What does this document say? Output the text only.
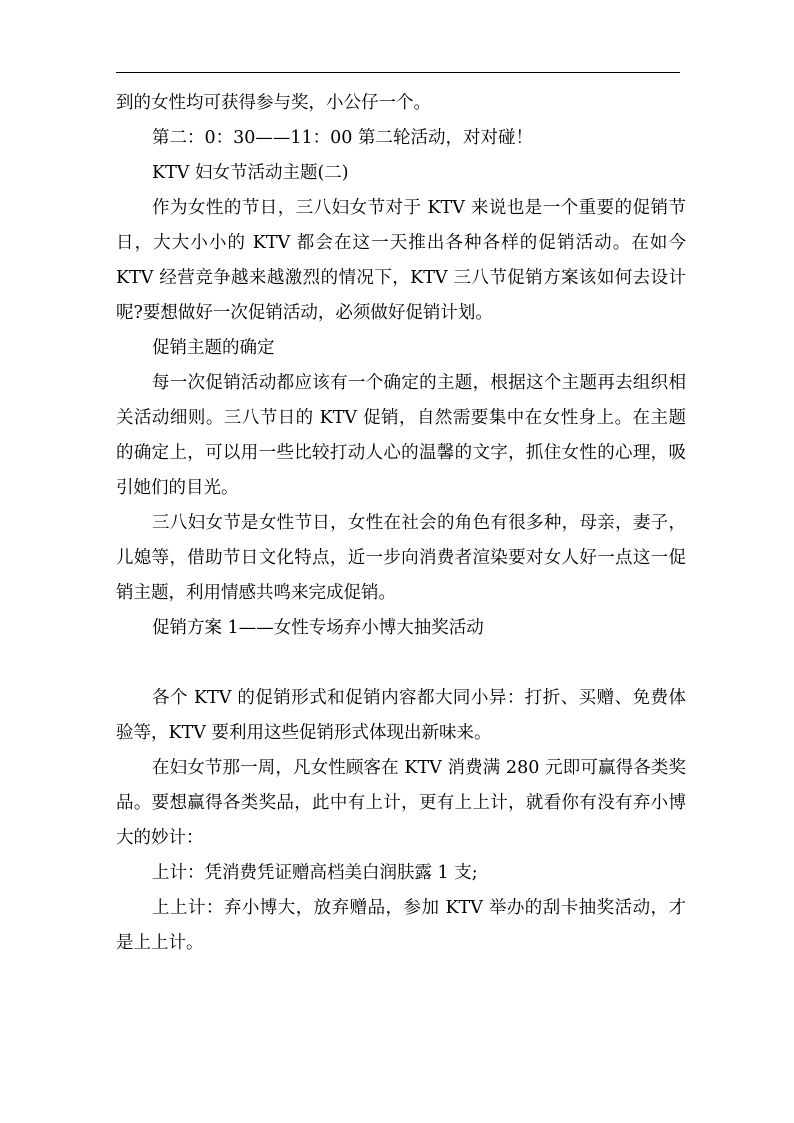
到的女性均可获得参与奖，小公仔一个。

第二：0：30——11：00 第二轮活动，对对碰！

KTV 妇女节活动主题(二)

作为女性的节日，三八妇女节对于 KTV 来说也是一个重要的促销节日，大大小小的 KTV 都会在这一天推出各种各样的促销活动。在如今 KTV 经营竞争越来越激烈的情况下，KTV 三八节促销方案该如何去设计呢?要想做好一次促销活动，必须做好促销计划。

促销主题的确定

每一次促销活动都应该有一个确定的主题，根据这个主题再去组织相关活动细则。三八节日的 KTV 促销，自然需要集中在女性身上。在主题的确定上，可以用一些比较打动人心的温馨的文字，抓住女性的心理，吸引她们的目光。

三八妇女节是女性节日，女性在社会的角色有很多种，母亲，妻子，儿媳等，借助节日文化特点，近一步向消费者渲染要对女人好一点这一促销主题，利用情感共鸣来完成促销。

促销方案 1——女性专场弃小博大抽奖活动

各个 KTV 的促销形式和促销内容都大同小异：打折、买赠、免费体验等，KTV 要利用这些促销形式体现出新味来。

在妇女节那一周，凡女性顾客在 KTV 消费满 280 元即可赢得各类奖品。要想赢得各类奖品，此中有上计，更有上上计，就看你有没有弃小博大的妙计：

上计：凭消费凭证赠高档美白润肤露 1 支;

上上计：弃小博大，放弃赠品，参加 KTV 举办的刮卡抽奖活动，才是上上计。
